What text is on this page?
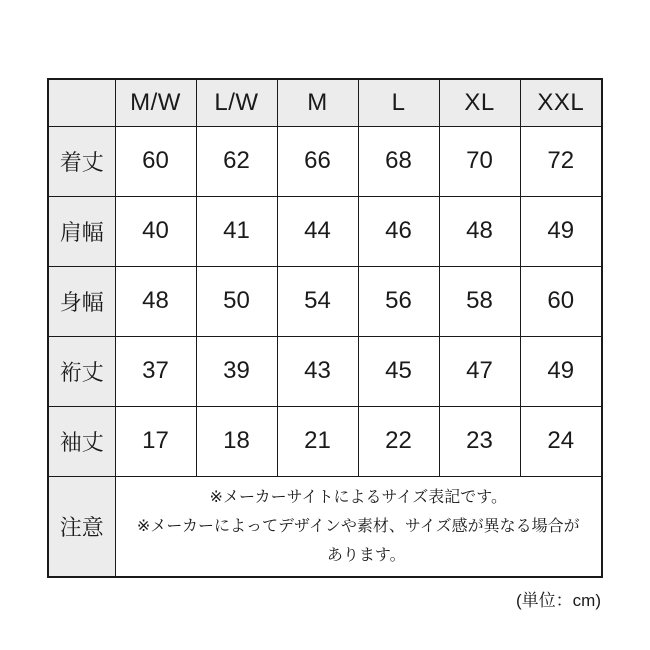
	M/W	L/W	M	L	XL	XXL
着丈	60	62	66	68	70	72
肩幅	40	41	44	46	48	49
身幅	48	50	54	56	58	60
裄丈	37	39	43	45	47	49
袖丈	17	18	21	22	23	24
注意	※メーカーサイトによるサイズ表記です。
※メーカーによってデザインや素材、サイズ感が異なる場合が
あります。					
(単位：cm)
